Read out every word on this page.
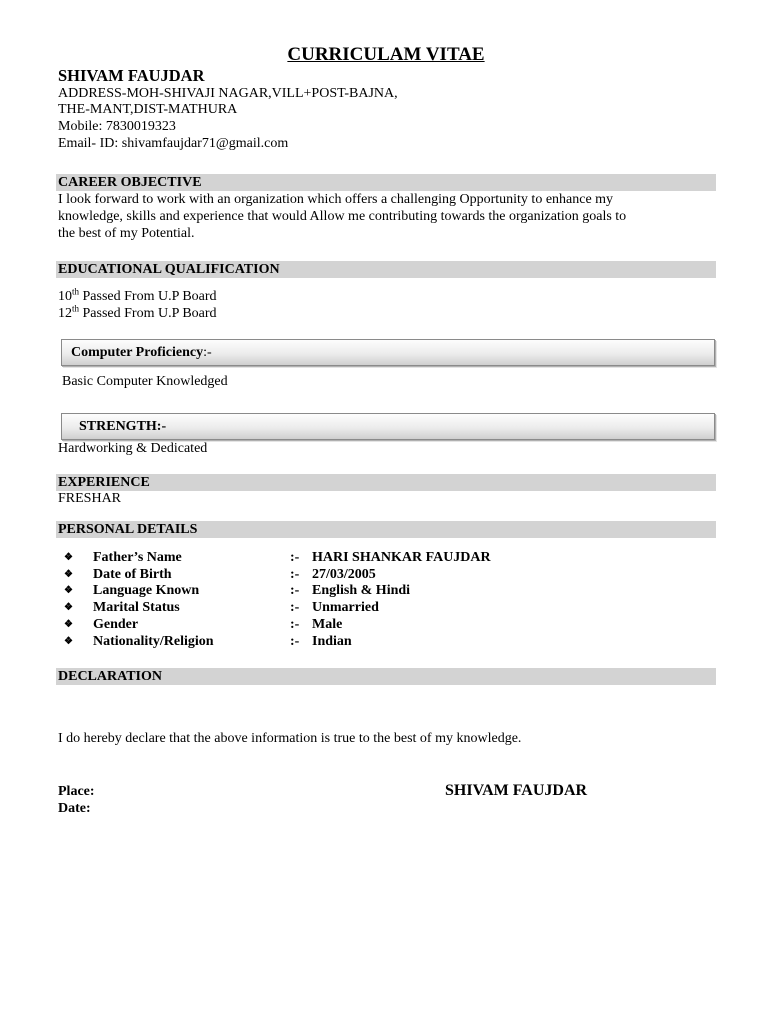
CURRICULAM VITAE
SHIVAM FAUJDAR
ADDRESS-MOH-SHIVAJI NAGAR,VILL+POST-BAJNA,
THE-MANT,DIST-MATHURA
Mobile: 7830019323
Email- ID: shivamfaujdar71@gmail.com
CAREER OBJECTIVE
I look forward to work with an organization which offers a challenging Opportunity to enhance my
knowledge, skills and experience that would Allow me contributing towards the organization goals to
the best of my Potential.
EDUCATIONAL QUALIFICATION
10th Passed From U.P Board
12th Passed From U.P Board
Computer Proficiency:-
Basic Computer Knowledged
STRENGTH:-
Hardworking & Dedicated
EXPERIENCE
FRESHAR
PERSONAL DETAILS
❖ Father’s Name	:- HARI SHANKAR FAUJDAR
❖ Date of Birth	:- 27/03/2005
❖ Language Known	:- English & Hindi
❖ Marital Status	:- Unmarried
❖ Gender	:- Male
❖ Nationality/Religion	:- Indian
DECLARATION
I do hereby declare that the above information is true to the best of my knowledge.
Place:
Date:
SHIVAM FAUJDAR
